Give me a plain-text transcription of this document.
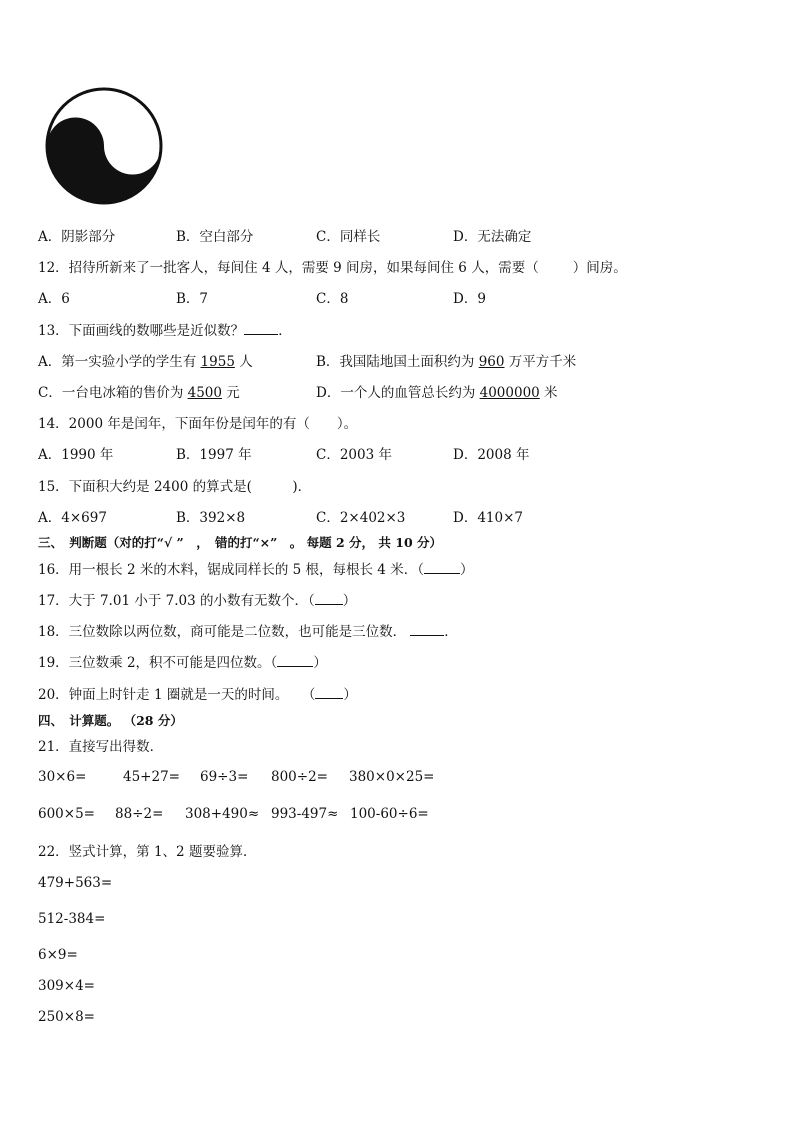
A．阴影部分	B．空白部分	C．同样长	D．无法确定
12．招待所新来了一批客人，每间住 4 人，需要 9 间房，如果每间住 6 人，需要（	）间房。
A．6	B．7	C．8	D．9
13．下面画线的数哪些是近似数？	．
A．第一实验小学的学生有 1955 人	B．我国陆地国土面积约为 960 万平方千米
C．一台电冰箱的售价为 4500 元	D．一个人的血管总长约为 4000000 米
14．2000 年是闰年，下面年份是闰年的有（　　）。
A．1990 年	B．1997 年	C．2003 年	D．2008 年
15．下面积大约是 2400 的算式是(　　　)．
A．4×697	B．392×8	C．2×402×3	D．410×7
三、　判断题（对的打“√ ”　，　错的打“×”　。 每题 2 分， 共 10 分）
16．用一根长 2 米的木料，锯成同样长的 5 根，每根长 4 米．（	）
17．大于 7.01 小于 7.03 的小数有无数个．（ ）
18．三位数除以两位数，商可能是二位数，也可能是三位数．	．
19．三位数乘 2，积不可能是四位数。（	）
20．钟面上时针走 1 圈就是一天的时间。　　（ ）
四、　计算题。 （28 分）
21．直接写出得数．
30×6=	45+27= 69÷3= 800÷2= 380×0×25=
600×5= 88÷2= 308+490≈ 993-497≈ 100-60÷6=
22．竖式计算，第 1、2 题要验算．
479+563=
512-384=
6×9=
309×4=
250×8=
